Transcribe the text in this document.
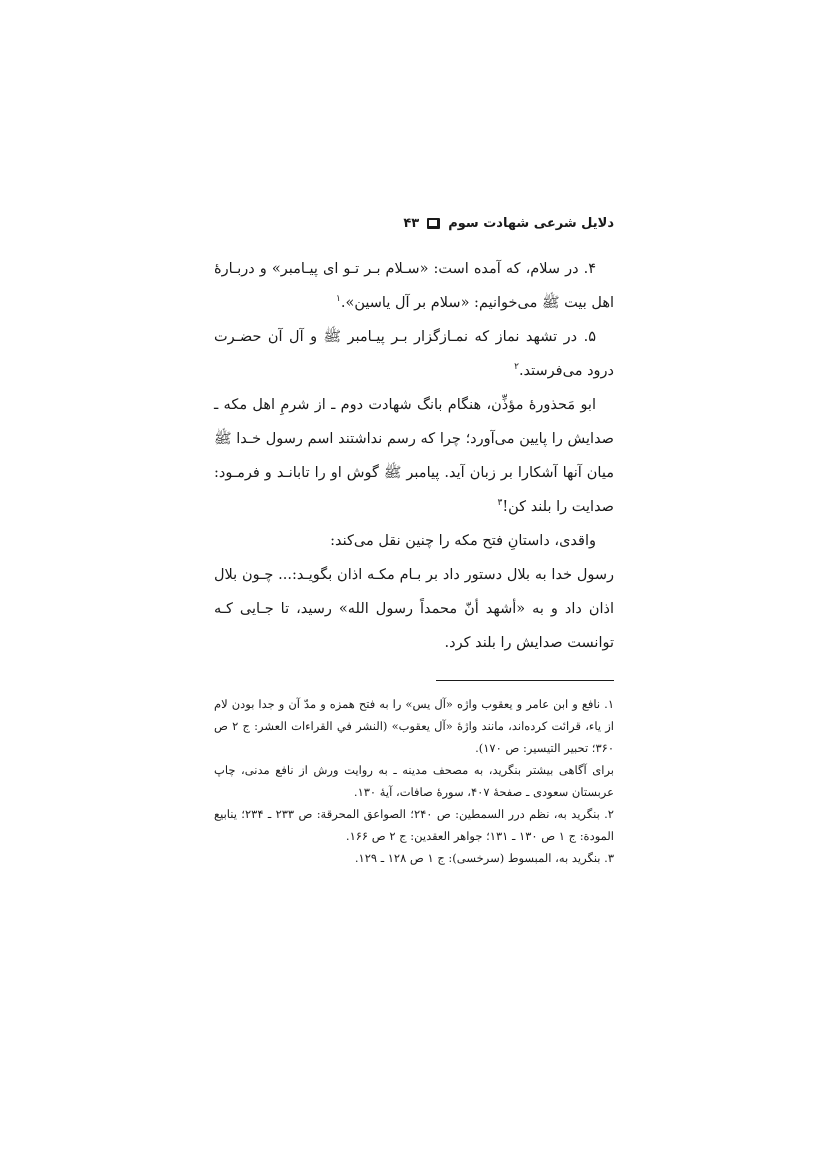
دلایل شرعی شهادت سوم
۴۳

۴. در سلام، که آمده است: «سـلام بـر تـو ای پیـامبر» و دربـارۀ اهل بیت ﷺ می‌خوانیم: «سلام بر آل یاسین».$^۱$

۵. در تشهد نماز که نمـازگزار بـر پیـامبر ﷺ و آل آن حضـرت درود می‌فرستد.$^۲$

ابو مَحذورهٔ مؤذِّن، هنگام بانگ شهادت دوم ـ از شرمِ اهل مکه ـ صدایش را پایین می‌آورد؛ چرا که رسم نداشتند اسم رسول خـدا ﷺ میان آنها آشکارا بر زبان آید. پیامبر ﷺ گوش او را تابانـد و فرمـود: صدایت را بلند کن!$^۳$

واقدی، داستانِ فتح مکه را چنین نقل می‌کند:

رسول خدا به بلال دستور داد بر بـام مکـه اذان بگویـد:... چـون بلال اذان داد و به «أشهد أنّ محمداً رسول الله» رسید، تا جـایی کـه توانست صدایش را بلند کرد.

۱. نافع و ابن عامر و یعقوب واژه «آل یس» را به فتح همزه و مدّ آن و جدا بودن لام از یاء، قرائت کرده‌اند، مانند واژهٔ «آل یعقوب» (النشر في القراءات العشر: ج ۲ ص ۳۶۰؛ تحبیر التیسیر: ص ۱۷۰).

برای آگاهی بیشتر بنگرید، به مصحف مدینه ـ به روایت ورش از نافع مدنی، چاپ عربستان سعودی ـ صفحهٔ ۴۰۷، سورهٔ صافات، آیهٔ ۱۳۰.

۲. بنگرید به، نظم درر السمطین: ص ۲۴۰؛ الصواعق المحرقة: ص ۲۳۳ ـ ۲۳۴؛ ینابیع المودة: ج ۱ ص ۱۳۰ ـ ۱۳۱؛ جواهر العقدین: ج ۲ ص ۱۶۶.

۳. بنگرید به، المبسوط (سرخسی): ج ۱ ص ۱۲۸ ـ ۱۲۹.
